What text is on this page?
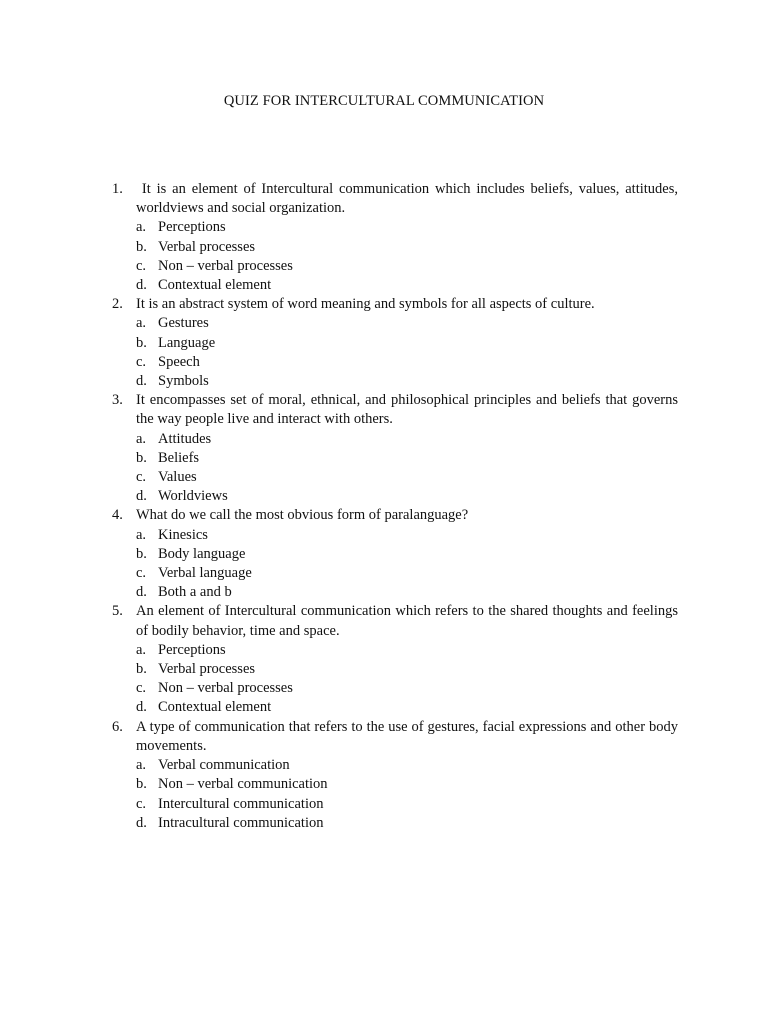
QUIZ FOR INTERCULTURAL COMMUNICATION
1. It is an element of Intercultural communication which includes beliefs, values, attitudes, worldviews and social organization.
a. Perceptions
b. Verbal processes
c. Non – verbal processes
d. Contextual element
2. It is an abstract system of word meaning and symbols for all aspects of culture.
a. Gestures
b. Language
c. Speech
d. Symbols
3. It encompasses set of moral, ethnical, and philosophical principles and beliefs that governs the way people live and interact with others.
a. Attitudes
b. Beliefs
c. Values
d. Worldviews
4. What do we call the most obvious form of paralanguage?
a. Kinesics
b. Body language
c. Verbal language
d. Both a and b
5. An element of Intercultural communication which refers to the shared thoughts and feelings of bodily behavior, time and space.
a. Perceptions
b. Verbal processes
c. Non – verbal processes
d. Contextual element
6. A type of communication that refers to the use of gestures, facial expressions and other body movements.
a. Verbal communication
b. Non – verbal communication
c. Intercultural communication
d. Intracultural communication
